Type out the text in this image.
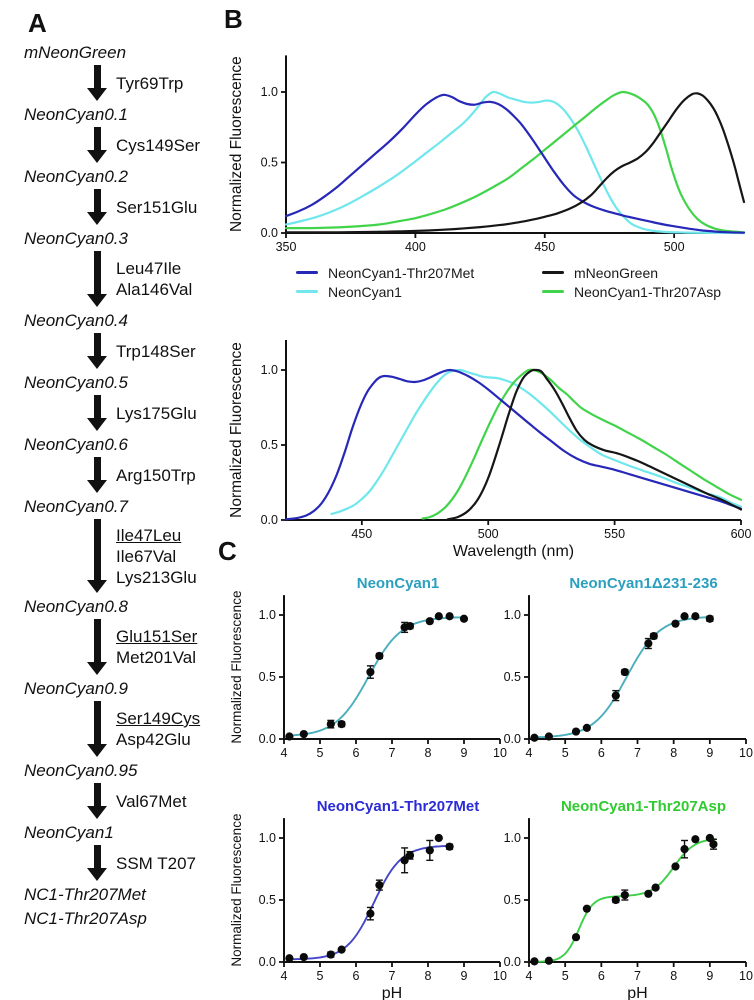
A
mNeonGreen
Tyr69Trp
NeonCyan0.1
Cys149Ser
NeonCyan0.2
Ser151Glu
NeonCyan0.3
Leu47Ile
Ala146Val
NeonCyan0.4
Trp148Ser
NeonCyan0.5
Lys175Glu
NeonCyan0.6
Arg150Trp
NeonCyan0.7
Ile47Leu
Ile67Val
Lys213Glu
NeonCyan0.8
Glu151Ser
Met201Val
NeonCyan0.9
Ser149Cys
Asp42Glu
NeonCyan0.95
Val67Met
NeonCyan1
SSM T207
NC1-Thr207Met
NC1-Thr207Asp
B
350	400	450	500
0.0
0.5
1.0
Normalized Fluorescence
NeonCyan1-Thr207Met
NeonCyan1
mNeonGreen
NeonCyan1-Thr207Asp
450	500	550	600
0.0
0.5
1.0
Normalized Fluorescence
Wavelength (nm)
C
4 5 6 7 8 9 10
0.0
0.5
1.0
Normalized Fluorescence
NeonCyan1
4 5 6 7 8 9 10
0.0
0.5
1.0
NeonCyan1Δ231-236
4 5 6 7 8 9 10
0.0
0.5
1.0
Normalized Fluorescence
pH
NeonCyan1-Thr207Met
4 5 6 7 8 9 10
0.0
0.5
1.0
pH
NeonCyan1-Thr207Asp
